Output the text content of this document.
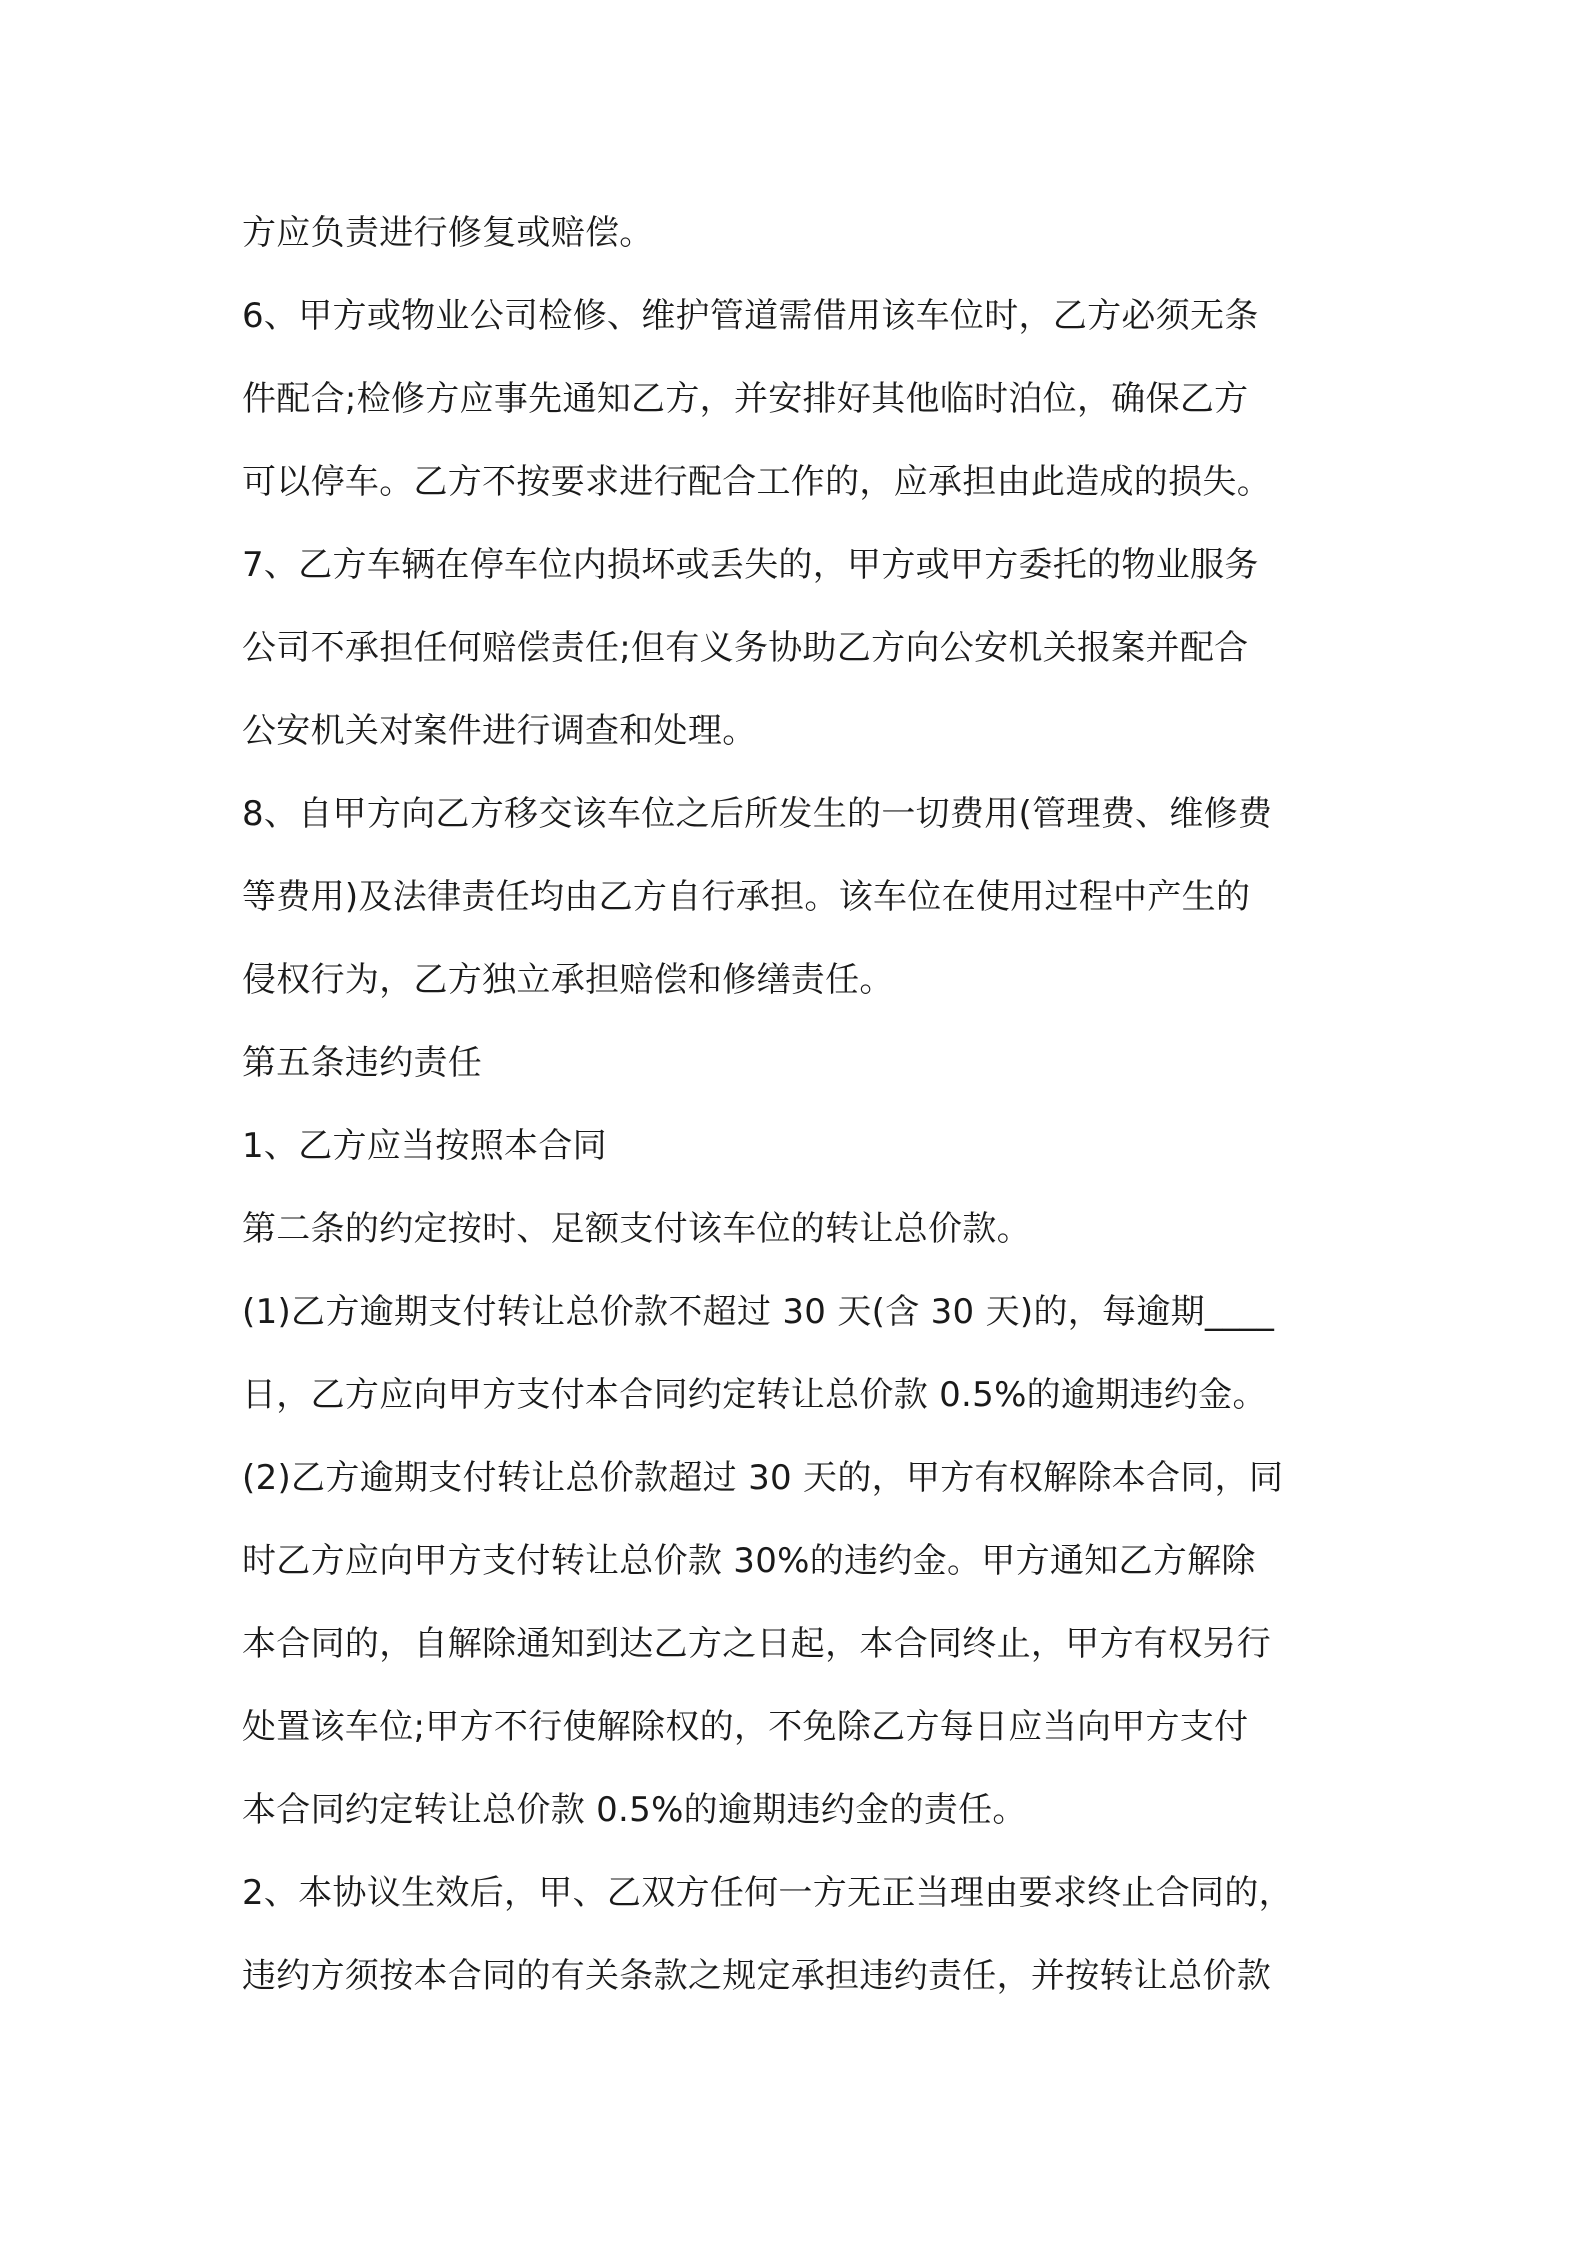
方应负责进行修复或赔偿。
6、甲方或物业公司检修、维护管道需借用该车位时，乙方必须无条
件配合;检修方应事先通知乙方，并安排好其他临时泊位，确保乙方
可以停车。乙方不按要求进行配合工作的，应承担由此造成的损失。
7、乙方车辆在停车位内损坏或丢失的，甲方或甲方委托的物业服务
公司不承担任何赔偿责任;但有义务协助乙方向公安机关报案并配合
公安机关对案件进行调查和处理。
8、自甲方向乙方移交该车位之后所发生的一切费用(管理费、维修费
等费用)及法律责任均由乙方自行承担。该车位在使用过程中产生的
侵权行为，乙方独立承担赔偿和修缮责任。
第五条违约责任
1、乙方应当按照本合同
第二条的约定按时、足额支付该车位的转让总价款。
(1)乙方逾期支付转让总价款不超过 30 天(含 30 天)的，每逾期____
日，乙方应向甲方支付本合同约定转让总价款 0.5%的逾期违约金。
(2)乙方逾期支付转让总价款超过 30 天的，甲方有权解除本合同，同
时乙方应向甲方支付转让总价款 30%的违约金。甲方通知乙方解除
本合同的，自解除通知到达乙方之日起，本合同终止，甲方有权另行
处置该车位;甲方不行使解除权的，不免除乙方每日应当向甲方支付
本合同约定转让总价款 0.5%的逾期违约金的责任。
2、本协议生效后，甲、乙双方任何一方无正当理由要求终止合同的，
违约方须按本合同的有关条款之规定承担违约责任，并按转让总价款
